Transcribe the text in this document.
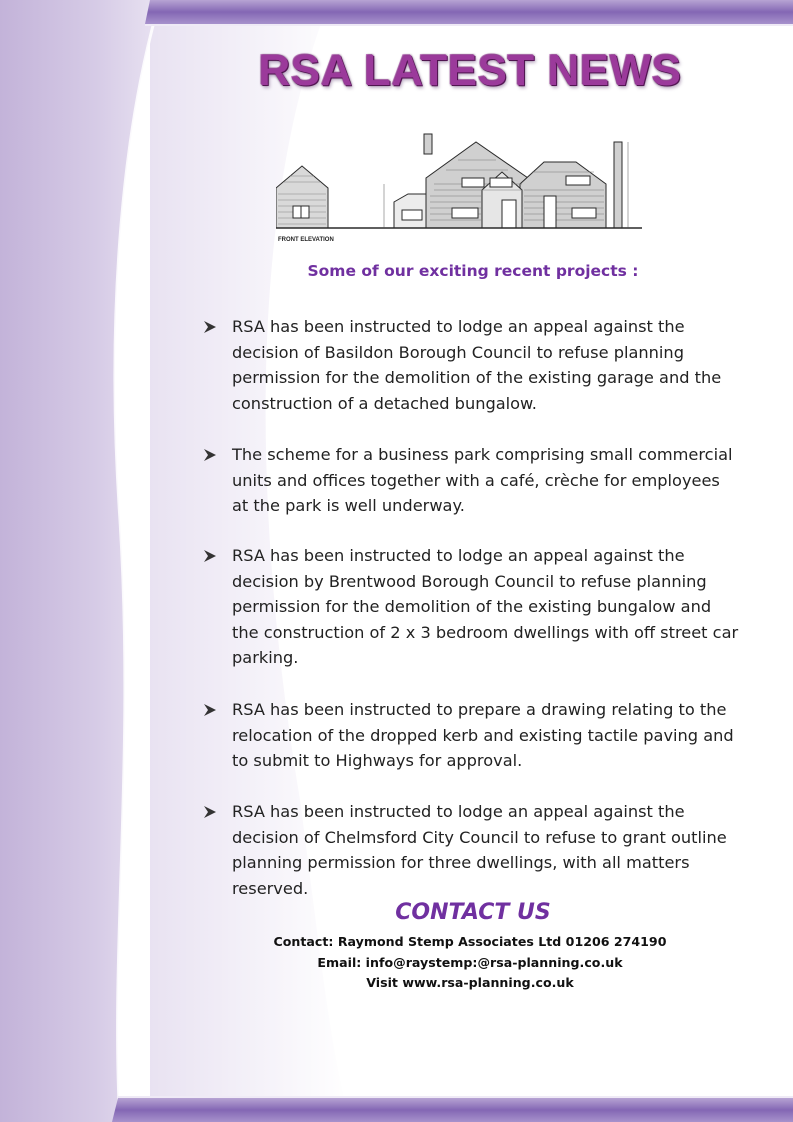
RSA LATEST NEWS
FRONT ELEVATION
Some of our exciting recent projects :
RSA has been instructed to lodge an appeal against the decision of Basildon Borough Council to refuse planning permission for the demolition of the existing garage and the construction of a detached bungalow.
The scheme for a business park comprising small commercial units and offices together with a café, crèche for employees at the park is well underway.
RSA has been instructed to lodge an appeal against the decision by Brentwood Borough Council to refuse planning permission for the demolition of the existing bungalow and the construction of 2 x 3 bedroom dwellings with off street car parking.
RSA has been instructed to prepare a drawing relating to the relocation of the dropped kerb and existing tactile paving and to submit to Highways for approval.
RSA has been instructed to lodge an appeal against the decision of Chelmsford City Council to refuse to grant outline planning permission for three dwellings, with all matters reserved.
CONTACT US
Contact: Raymond Stemp Associates Ltd 01206 274190
Email: info@raystemp:@rsa-planning.co.uk
Visit www.rsa-planning.co.uk
